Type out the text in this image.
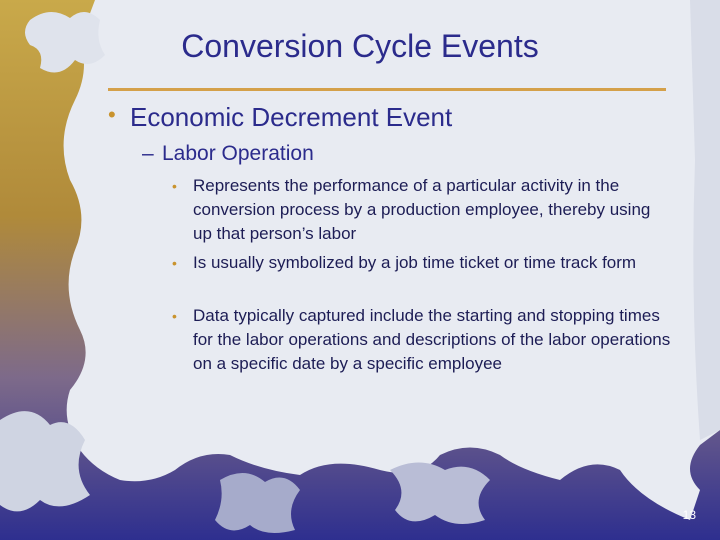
Conversion Cycle Events
• Economic Decrement Event
– Labor Operation
• Represents the performance of a particular activity in the conversion process by a production employee, thereby using up that person’s labor
• Is usually symbolized by a job time ticket or time track form
• Data typically captured include the starting and stopping times for the labor operations and descriptions of the labor operations on a specific date by a specific employee
13
